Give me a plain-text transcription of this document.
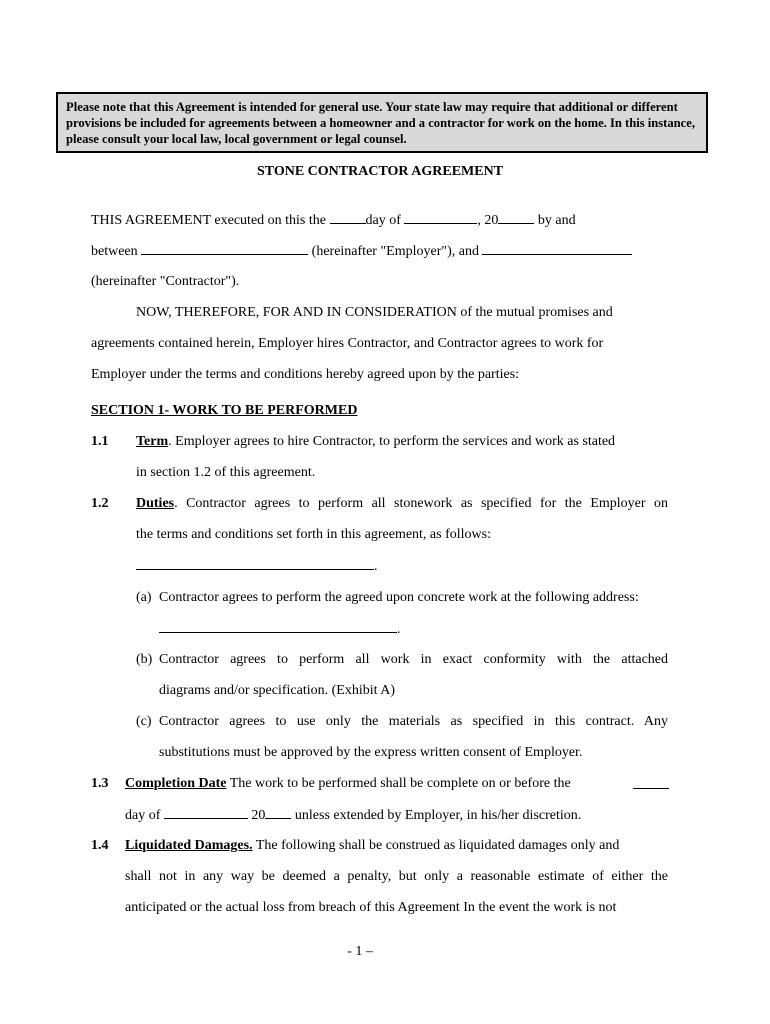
Please note that this Agreement is intended for general use. Your state law may require that additional or different provisions be included for agreements between a homeowner and a contractor for work on the home. In this instance, please consult your local law, local government or legal counsel.
STONE CONTRACTOR AGREEMENT
THIS AGREEMENT executed on this the	day of	, 20	by and
between	(hereinafter "Employer"), and
(hereinafter "Contractor").
NOW, THEREFORE, FOR AND IN CONSIDERATION of the mutual promises and
agreements contained herein, Employer hires Contractor, and Contractor agrees to work for
Employer under the terms and conditions hereby agreed upon by the parties:
SECTION 1- WORK TO BE PERFORMED
1.1 Term. Employer agrees to hire Contractor, to perform the services and work as stated
in section 1.2 of this agreement.
1.2 Duties. Contractor agrees to perform all stonework as specified for the Employer on
the terms and conditions set forth in this agreement, as follows:
.
(a) Contractor agrees to perform the agreed upon concrete work at the following address:
.
(b) Contractor agrees to perform all work in exact conformity with the attached
diagrams and/or specification. (Exhibit A)
(c) Contractor agrees to use only the materials as specified in this contract. Any
substitutions must be approved by the express written consent of Employer.
1.3 Completion Date The work to be performed shall be complete on or before the
day of	20 unless extended by Employer, in his/her discretion.
1.4 Liquidated Damages. The following shall be construed as liquidated damages only and
shall not in any way be deemed a penalty, but only a reasonable estimate of either the
anticipated or the actual loss from breach of this Agreement In the event the work is not
- 1 –
